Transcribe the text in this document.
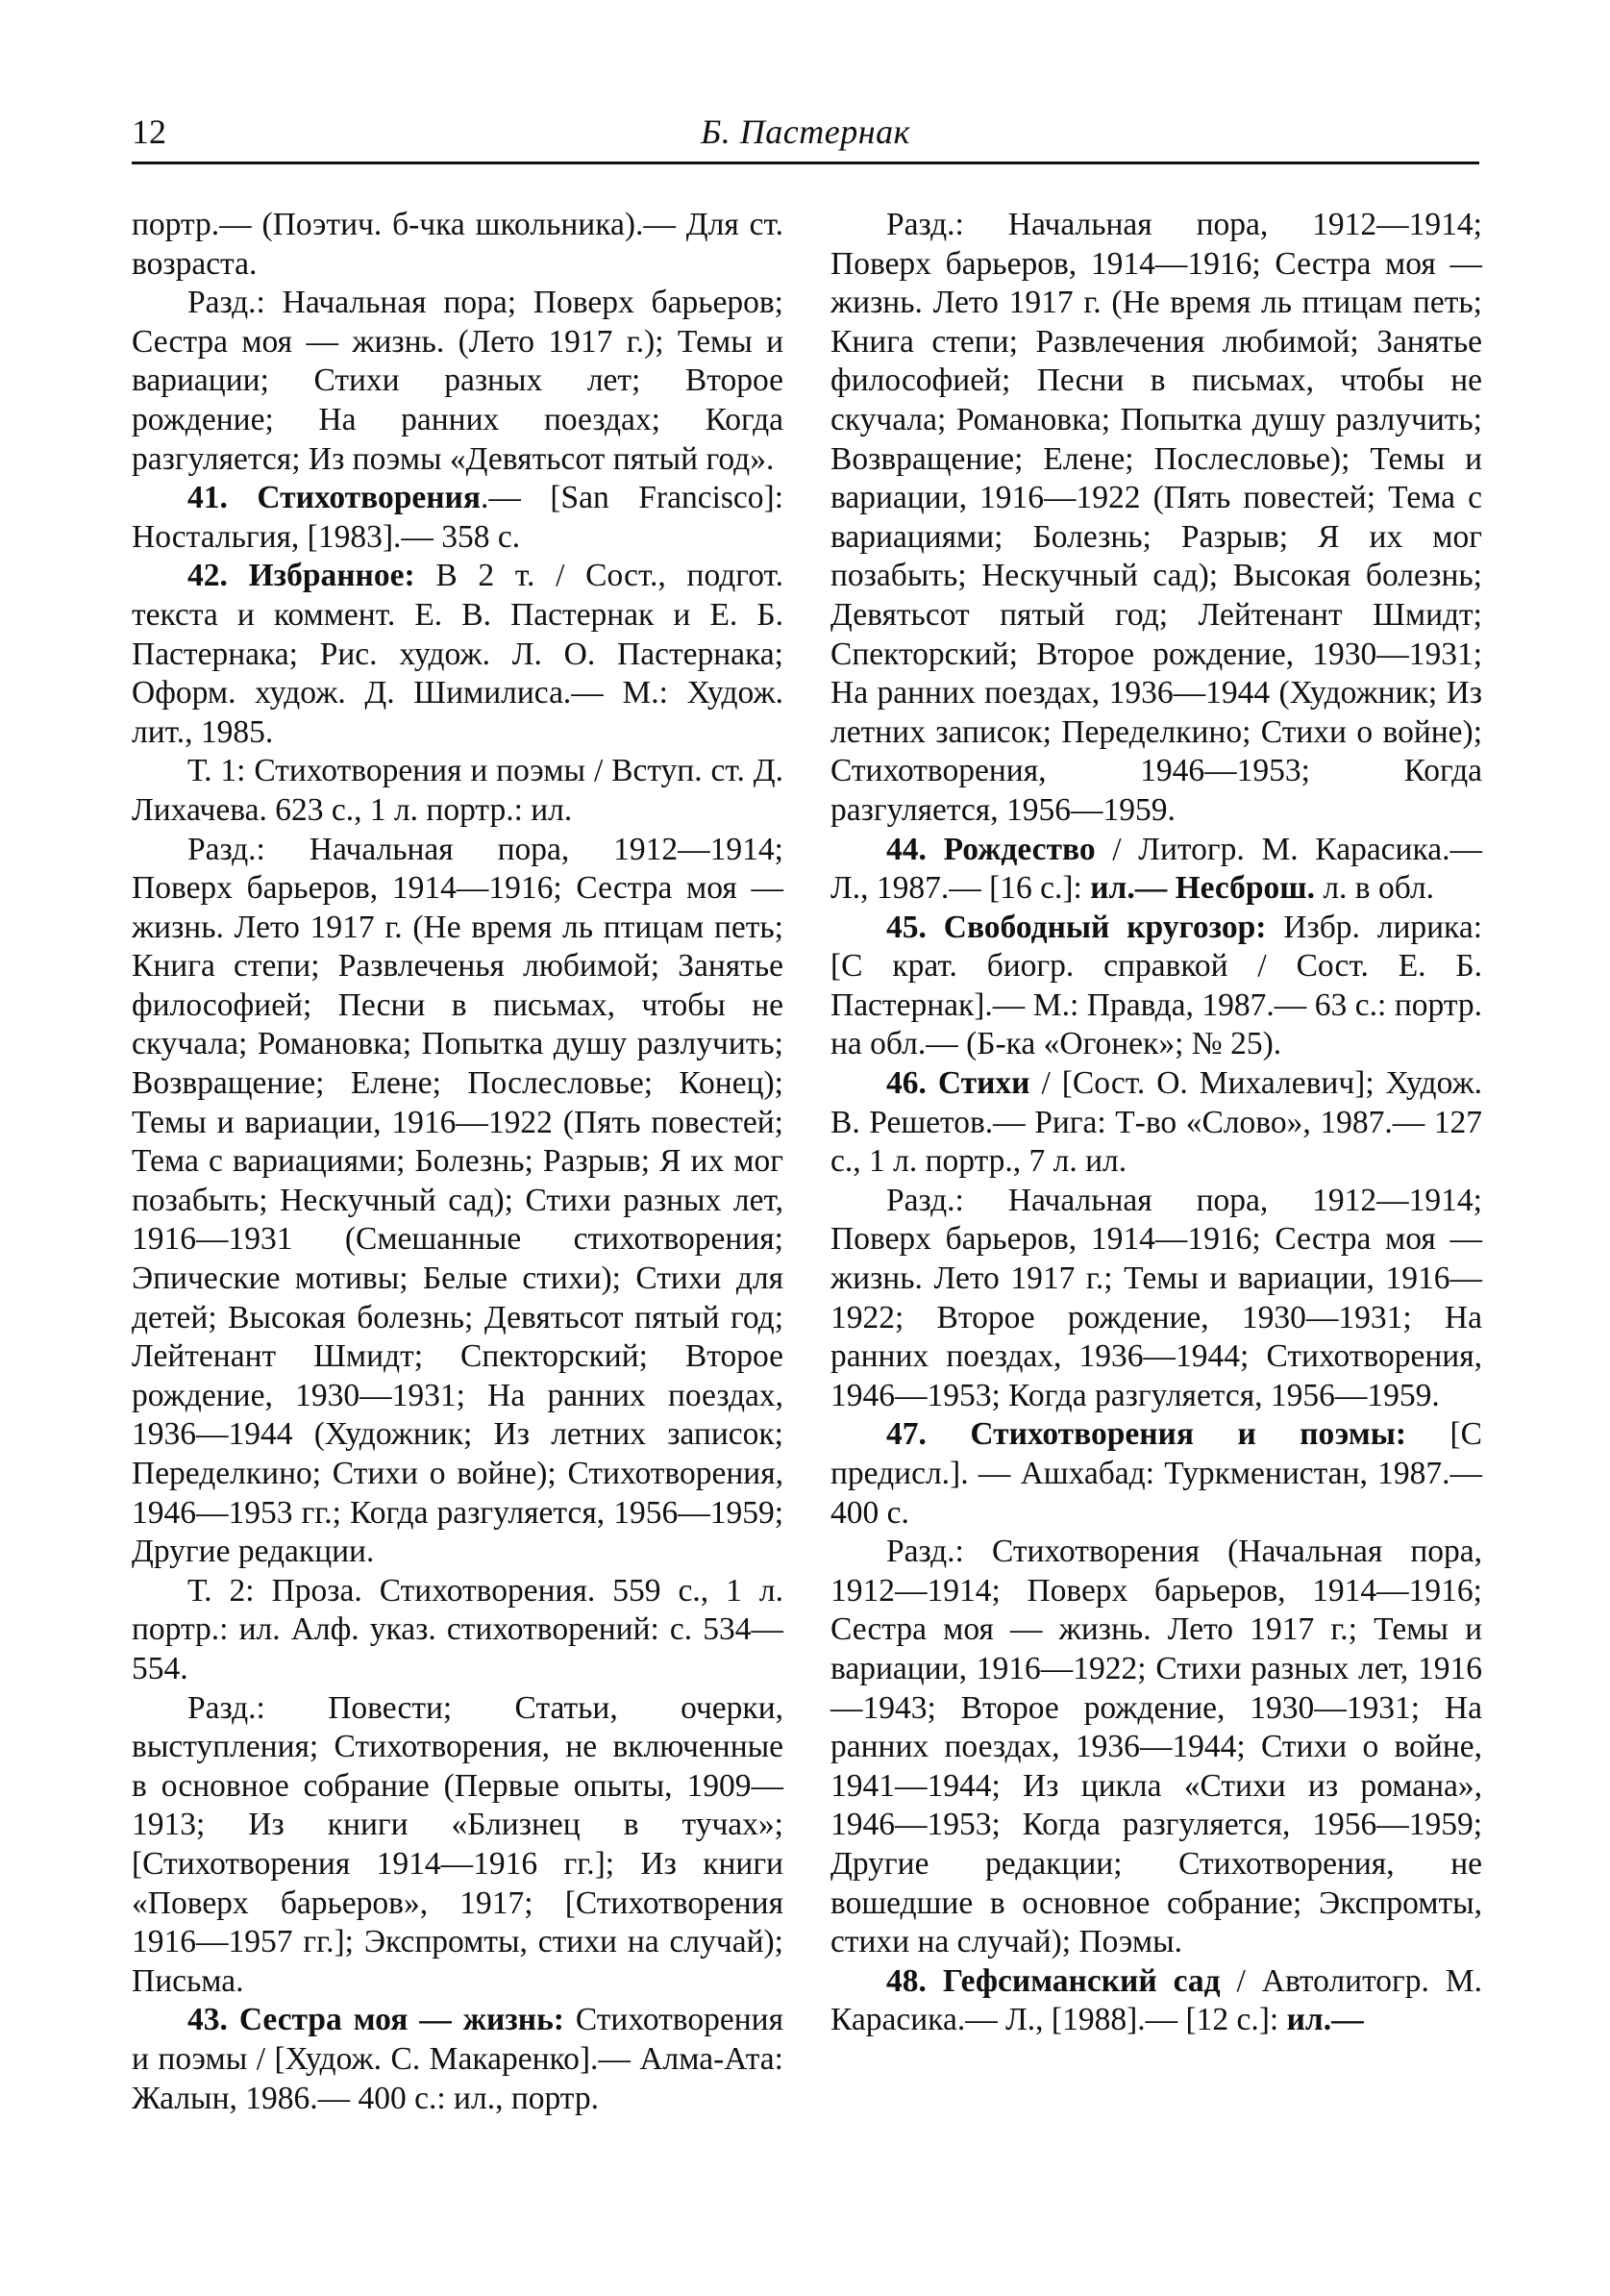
12	Б. Пастернак

портр.— (Поэтич. б-чка школьника).— Для ст. возраста.

Разд.: Начальная пора; Поверх барьеров; Сестра моя — жизнь. (Лето 1917 г.); Темы и вариации; Стихи разных лет; Второе рождение; На ранних поездах; Когда разгуляется; Из поэмы «Девятьсот пятый год».

41. Стихотворения.— [San Francisco]: Ностальгия, [1983].— 358 с.

42. Избранное: В 2 т. / Сост., подгот. текста и коммент. Е. В. Пастернак и Е. Б. Пастернака; Рис. худож. Л. О. Пастернака; Оформ. худож. Д. Шимилиса.— М.: Худож. лит., 1985.

Т. 1: Стихотворения и поэмы / Вступ. ст. Д. Лихачева. 623 с., 1 л. портр.: ил.

Разд.: Начальная пора, 1912—1914; Поверх барьеров, 1914—1916; Сестра моя — жизнь. Лето 1917 г. (Не время ль птицам петь; Книга степи; Развлеченья любимой; Занятье философией; Песни в письмах, чтобы не скучала; Романовка; Попытка душу разлучить; Возвращение; Елене; Послесловье; Конец); Темы и вариации, 1916—1922 (Пять повестей; Тема с вариациями; Болезнь; Разрыв; Я их мог позабыть; Нескучный сад); Стихи разных лет, 1916—1931 (Смешанные стихотворения; Эпические мотивы; Белые стихи); Стихи для детей; Высокая болезнь; Девятьсот пятый год; Лейтенант Шмидт; Спекторский; Второе рождение, 1930—1931; На ранних поездах, 1936—1944 (Художник; Из летних записок; Переделкино; Стихи о войне); Стихотворения, 1946—1953 гг.; Когда разгуляется, 1956—1959; Другие редакции.

Т. 2: Проза. Стихотворения. 559 с., 1 л. портр.: ил. Алф. указ. стихотворений: с. 534—554.

Разд.: Повести; Статьи, очерки, выступления; Стихотворения, не включенные в основное собрание (Первые опыты, 1909—1913; Из книги «Близнец в тучах»; [Стихотворения 1914—1916 гг.]; Из книги «Поверх барьеров», 1917; [Стихотворения 1916—1957 гг.]; Экспромты, стихи на случай); Письма.

43. Сестра моя — жизнь: Стихотворения и поэмы / [Худож. С. Макаренко].— Алма-Ата: Жалын, 1986.— 400 с.: ил., портр.

Разд.: Начальная пора, 1912—1914; Поверх барьеров, 1914—1916; Сестра моя — жизнь. Лето 1917 г. (Не время ль птицам петь; Книга степи; Развлечения любимой; Занятье философией; Песни в письмах, чтобы не скучала; Романовка; Попытка душу разлучить; Возвращение; Елене; Послесловье); Темы и вариации, 1916—1922 (Пять повестей; Тема с вариациями; Болезнь; Разрыв; Я их мог позабыть; Нескучный сад); Высокая болезнь; Девятьсот пятый год; Лейтенант Шмидт; Спекторский; Второе рождение, 1930—1931; На ранних поездах, 1936—1944 (Художник; Из летних записок; Переделкино; Стихи о войне); Стихотворения, 1946—1953; Когда разгуляется, 1956—1959.

44. Рождество / Литогр. М. Карасика.— Л., 1987.— [16 с.]: ил.— Несброш. л. в обл.

45. Свободный кругозор: Избр. лирика: [С крат. биогр. справкой / Сост. Е. Б. Пастернак].— М.: Правда, 1987.— 63 с.: портр. на обл.— (Б-ка «Огонек»; № 25).

46. Стихи / [Сост. О. Михалевич]; Худож. В. Решетов.— Рига: Т-во «Слово», 1987.— 127 с., 1 л. портр., 7 л. ил.

Разд.: Начальная пора, 1912—1914; Поверх барьеров, 1914—1916; Сестра моя — жизнь. Лето 1917 г.; Темы и вариации, 1916—1922; Второе рождение, 1930—1931; На ранних поездах, 1936—1944; Стихотворения, 1946—1953; Когда разгуляется, 1956—1959.

47. Стихотворения и поэмы: [С предисл.]. — Ашхабад: Туркменистан, 1987.— 400 с.

Разд.: Стихотворения (Начальная пора, 1912—1914; Поверх барьеров, 1914—1916; Сестра моя — жизнь. Лето 1917 г.; Темы и вариации, 1916—1922; Стихи разных лет, 1916—1943; Второе рождение, 1930—1931; На ранних поездах, 1936—1944; Стихи о войне, 1941—1944; Из цикла «Стихи из романа», 1946—1953; Когда разгуляется, 1956—1959; Другие редакции; Стихотворения, не вошедшие в основное собрание; Экспромты, стихи на случай); Поэмы.

48. Гефсиманский сад / Автолитогр. М. Карасика.— Л., [1988].— [12 с.]: ил.—
